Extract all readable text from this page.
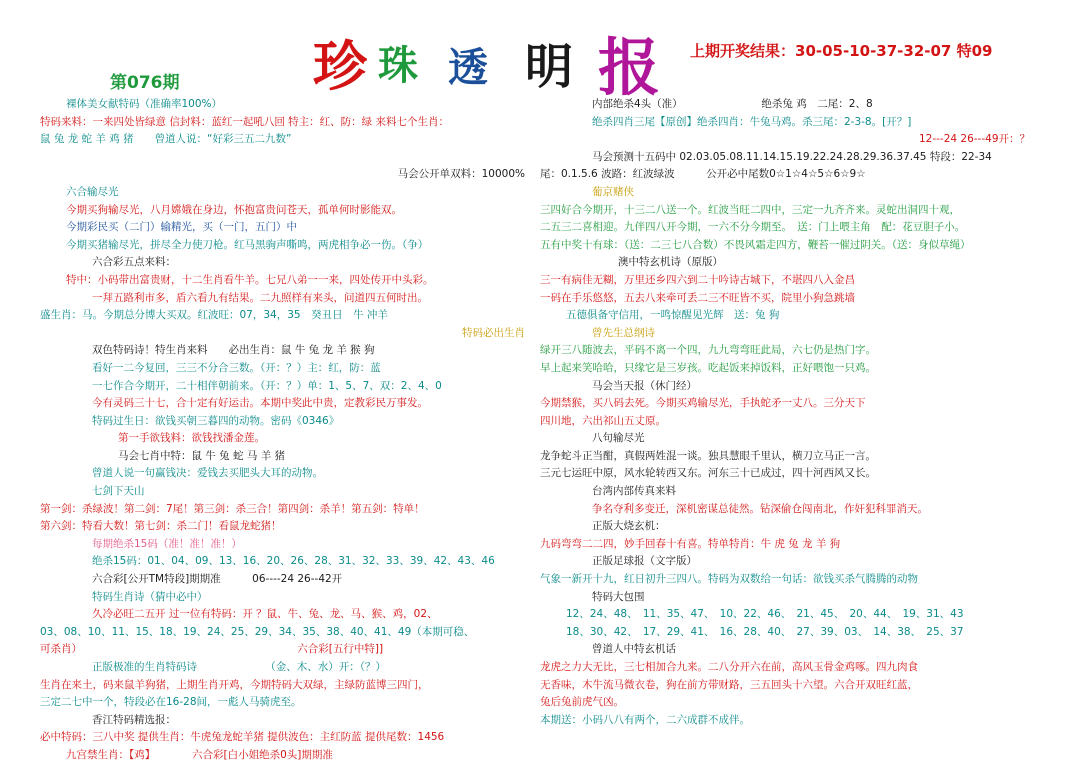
珍 珠 透 明 报
第076期
上期开奖结果：30-05-10-37-32-07 特09
裸体美女献特码（准确率100%）
特码来料：一来四处皆绿意 信封料：蓝红一起吼八回 特主：红、防：绿 来料七个生肖：
鼠 兔 龙 蛇 羊 鸡 猪　　曾道人说：“好彩三五二九数”
马会公开单双料：10000%
六合输尽光
今期买狗输尽光，八月嫦娥在身边，怀抱富贵问苍天，孤单何时影能双。
今期彩民买（二门）输精光，买（一门，五门）中
今期买猪输尽光，拼尽全力使刀枪。红马黑驹声嘶鸣，两虎相争必一伤。（争）
六合彩五点来料：
特中：小码带出富贵财，十二生肖看牛羊。七兄八弟一一来，四处传开中头彩。
一拜五路利市多，盾六看九有结果。二九照样有来头，问道四五何时出。
盛生肖：马。今期总分博大买双。红波旺：07，34，35　癸丑日　牛 冲羊
特码必出生肖
双色特码诗！特生肖来料　　必出生肖：鼠 牛 兔 龙 羊 猴 狗
看好一二今复回，三三不分合三数。（开：？）主：红，防：蓝
一七作合今期开，二十相伴朝前来。（开：？）单：1、5、7、双：2、4、0
今有灵码三十七，合十定有好运击。本期中奖此中贵，定教彩民万事发。
特码过生日：欲钱买朝三暮四的动物。密码《0346》
第一手欲钱料：欲钱找潘金莲。
马会七肖中特：鼠 牛 兔 蛇 马 羊 猪
曾道人说一句赢钱决：爱钱去买肥头大耳的动物。
七剑下天山
第一剑：杀绿波！第二剑：7尾！第三剑：杀三合！第四剑：杀羊！第五剑：特单！
第六剑：特看大数！第七剑：杀二门！看鼠龙蛇猪！
每期绝杀15码（准！准！准！）
绝杀15码：01、04、09、13、16、20、26、28、31、32、33、39、42、43、46
六合彩[公开TM特段]期期准　　　06----24 26--42开
特码生肖诗（猜中必中）
久冷必旺二五开 过一位有特码：开 ？鼠、牛、兔、龙、马、猴、鸡，02、
03、08、10、11、15、18、19、24、25、29、34、35、38、40、41、49（本期可稳、
可杀肖）　　　　　　　　　　　　　　　　　　　　　六合彩[五行中特]]
正版极准的生肖特码诗　　　　　　　（金、木、水）开：（？）
生肖在来土，码来鼠羊狗猪，上期生肖开鸡，今期特码大双绿，主绿防蓝博三四门，
三定二七中一个，特段必在16-28间，一彪人马骑虎至。
香江特码精选报：
必中特码：三八中奖 提供生肖：牛虎兔龙蛇羊猪 提供波色：主红防蓝 提供尾数：1456
九宫禁生肖：【鸡】　　　　六合彩[白小姐绝杀0头]期期准
内部绝杀4头（准）　　　　　　　　绝杀兔 鸡　二尾：2、8
绝杀四肖三尾【原创】绝杀四肖：牛兔马鸡。杀三尾：2-3-8。[开？]
12---24 26---49开：？
马会预测十五码中 02.03.05.08.11.14.15.19.22.24.28.29.36.37.45 特段：22-34
尾：0.1.5.6 波路：红波绿波　　　公开必中尾数0☆1☆4☆5☆6☆9☆
葡京赌侠
三四好合今期开，十三二八送一个。红波当旺二四中，三定一九齐齐来。灵蛇出洞四十观，
二五三二喜相迎。九伴四八开今期，一六不分今期至。　送：门上喂主角　配：花豆胆子小。
五有中奖十有球：（送：二三七八合数）不畏风霜走四方，鞭苔一催过阴关。（送：身似草绳）
澳中特玄机诗（原版）
三一有病佳无糊，万里还乡四六到二十吟诗古城下，不堪四八入金昌
一码在手乐悠悠，五去八来牵可丢二三不旺皆不买，院里小狗急跳墙
五德俱备守信用，一鸣惊醒见光辉　送：兔 狗
曾先生总纲诗
绿开三八随波去，平码不离一个四，九九弯弯旺此局，六七仍是热门字。
早上起来笑哈哈，只缘它是三岁孩。吃起饭来掉饭料，正好喂饱一只鸡。
马会当天报（休门经）
今期禁猴，买八码去死。今期买鸡输尽光，手执蛇矛一丈八。三分天下
四川地，六出祁山五丈原。
八句输尽光
龙争蛇斗正当酣，真假两姓混一谈。独具慧眼千里认，横刀立马正一言。
三元七运旺中原，风水轮转西又东。河东三十已成过，四十河西风又长。
台湾内部传真来料
争名夺利多变迁，深机密谋总徒然。钻深偷仓闯南北，作奸犯科罪消天。
正版大烧玄机：
九码弯弯二二四，妙手回春十有喜。特单特肖：牛 虎 兔 龙 羊 狗
正版足球报（文字版）
气象一新开十九，红日初升三四八。特码为双数给一句话：欲钱买杀气腾腾的动物
特码大包围
12、24、48、　11、35、47、　10、22、46、　21、45、　20、44、　19、31、43
18、30、42、　17、29、41、　16、28、40、　27、39、03、　14、38、　25、37
曾道人中特玄机话
龙虎之力大无比，三七相加合九来。二八分开六在前，高风玉骨金鸡啄。四九肉食
无香味，木牛流马微衣卷，狗在前方带财路，三五回头十六望。六合开双旺红蓝，
兔后兔前虎气凶。
本期送：小码八八有两个，二六成群不成伴。
